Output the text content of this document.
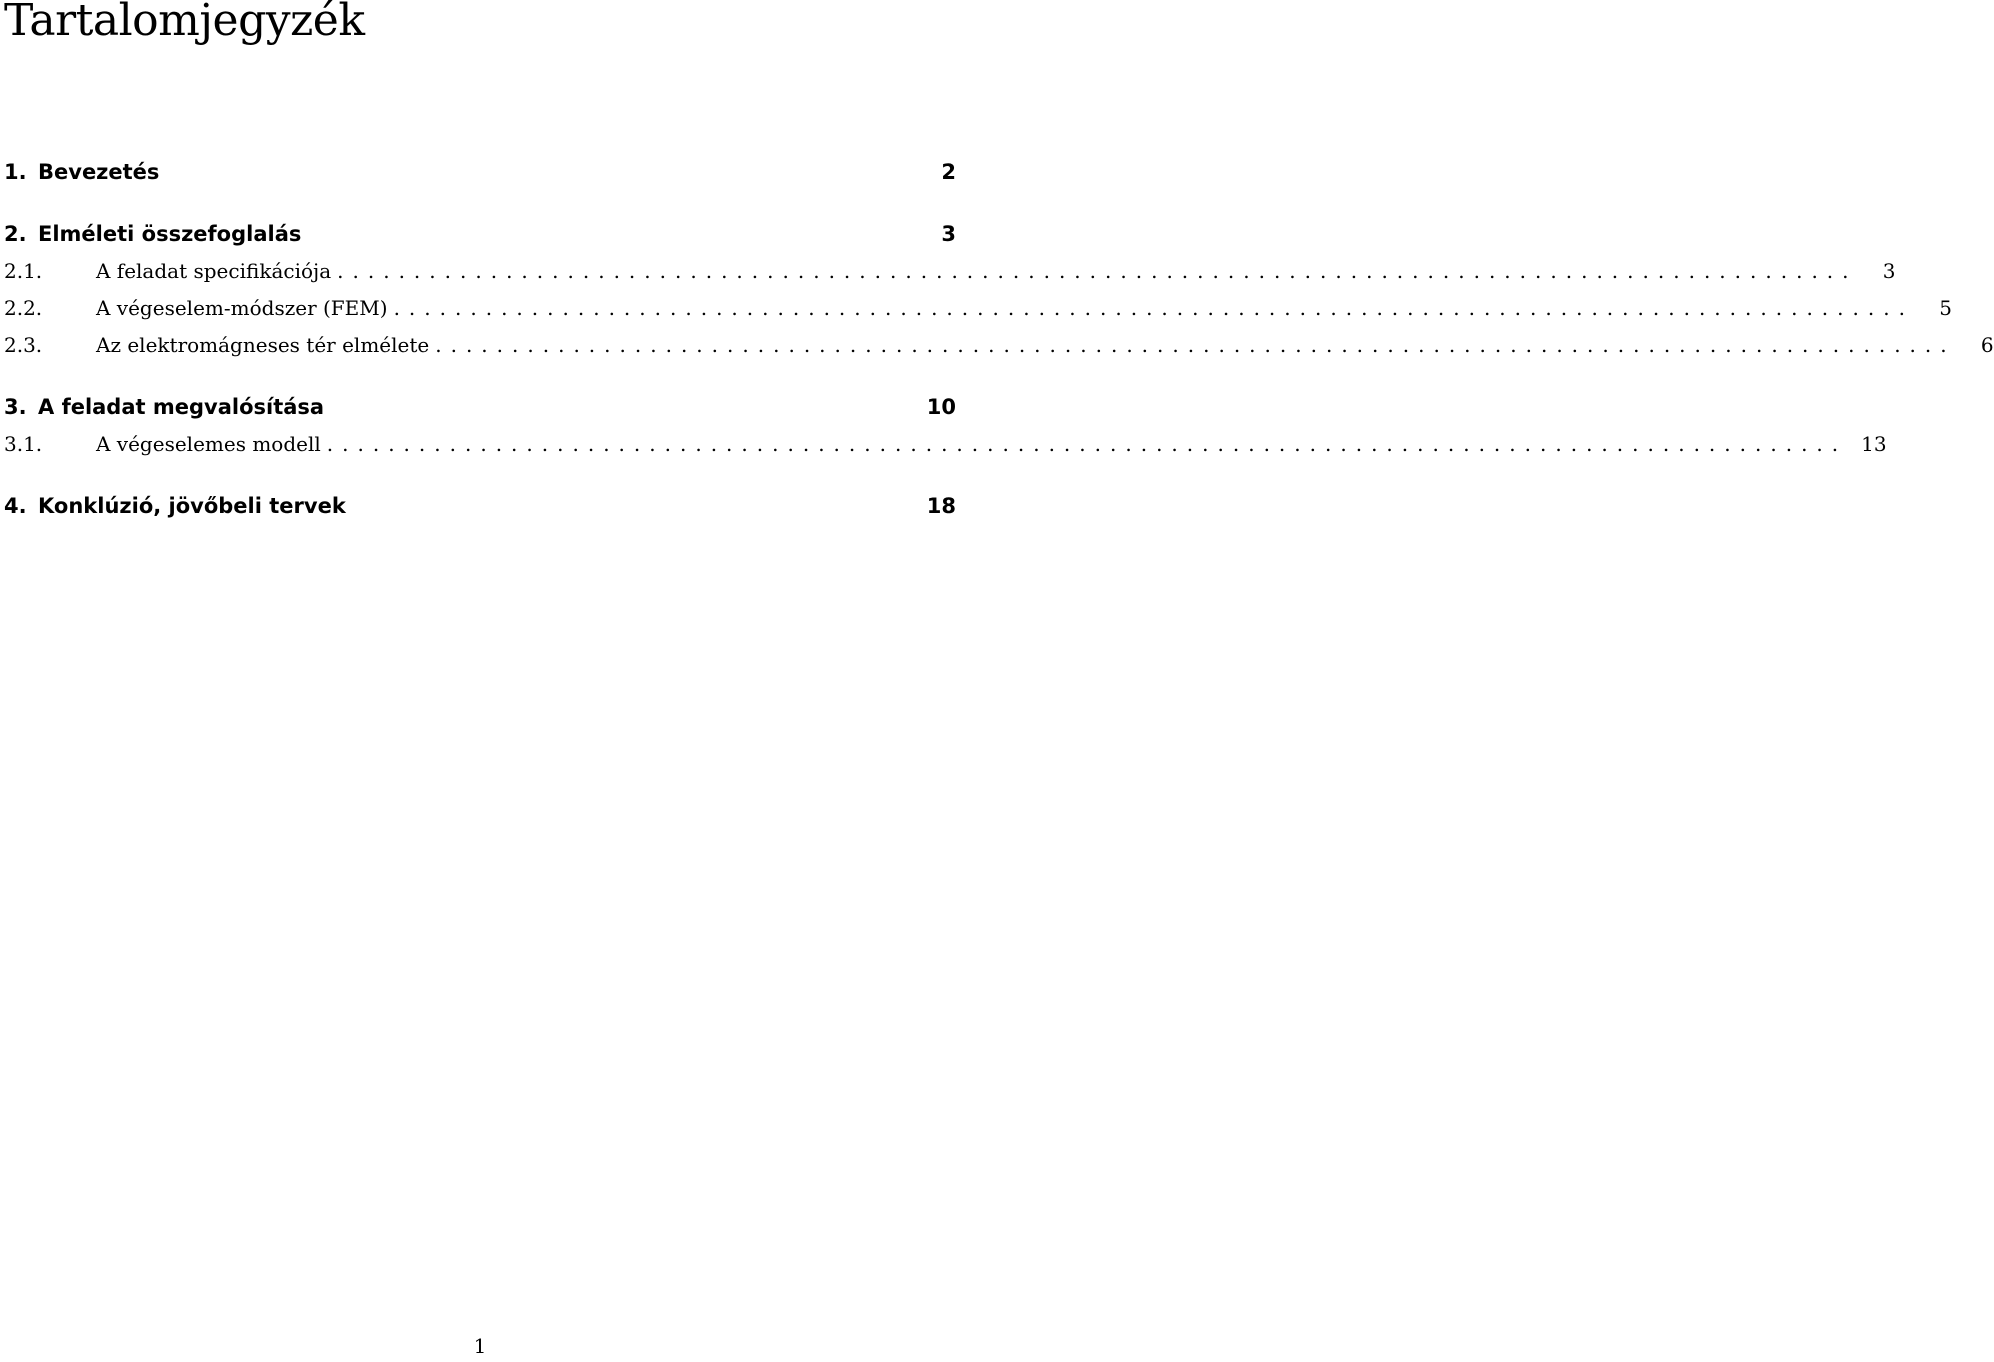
Tartalomjegyzék
1. Bevezetés	2
2. Elméleti összefoglalás	3
2.1.	A feladat specifikációja ...................................................................................................	3
2.2.	A végeselem-módszer (FEM) ...................................................................................................	5
2.3.	Az elektromágneses tér elmélete ...................................................................................................	6
3. A feladat megvalósítása	10
3.1.	A végeselemes modell ................................................................................................... 13
4. Konklúzió, jövőbeli tervek	18
1
